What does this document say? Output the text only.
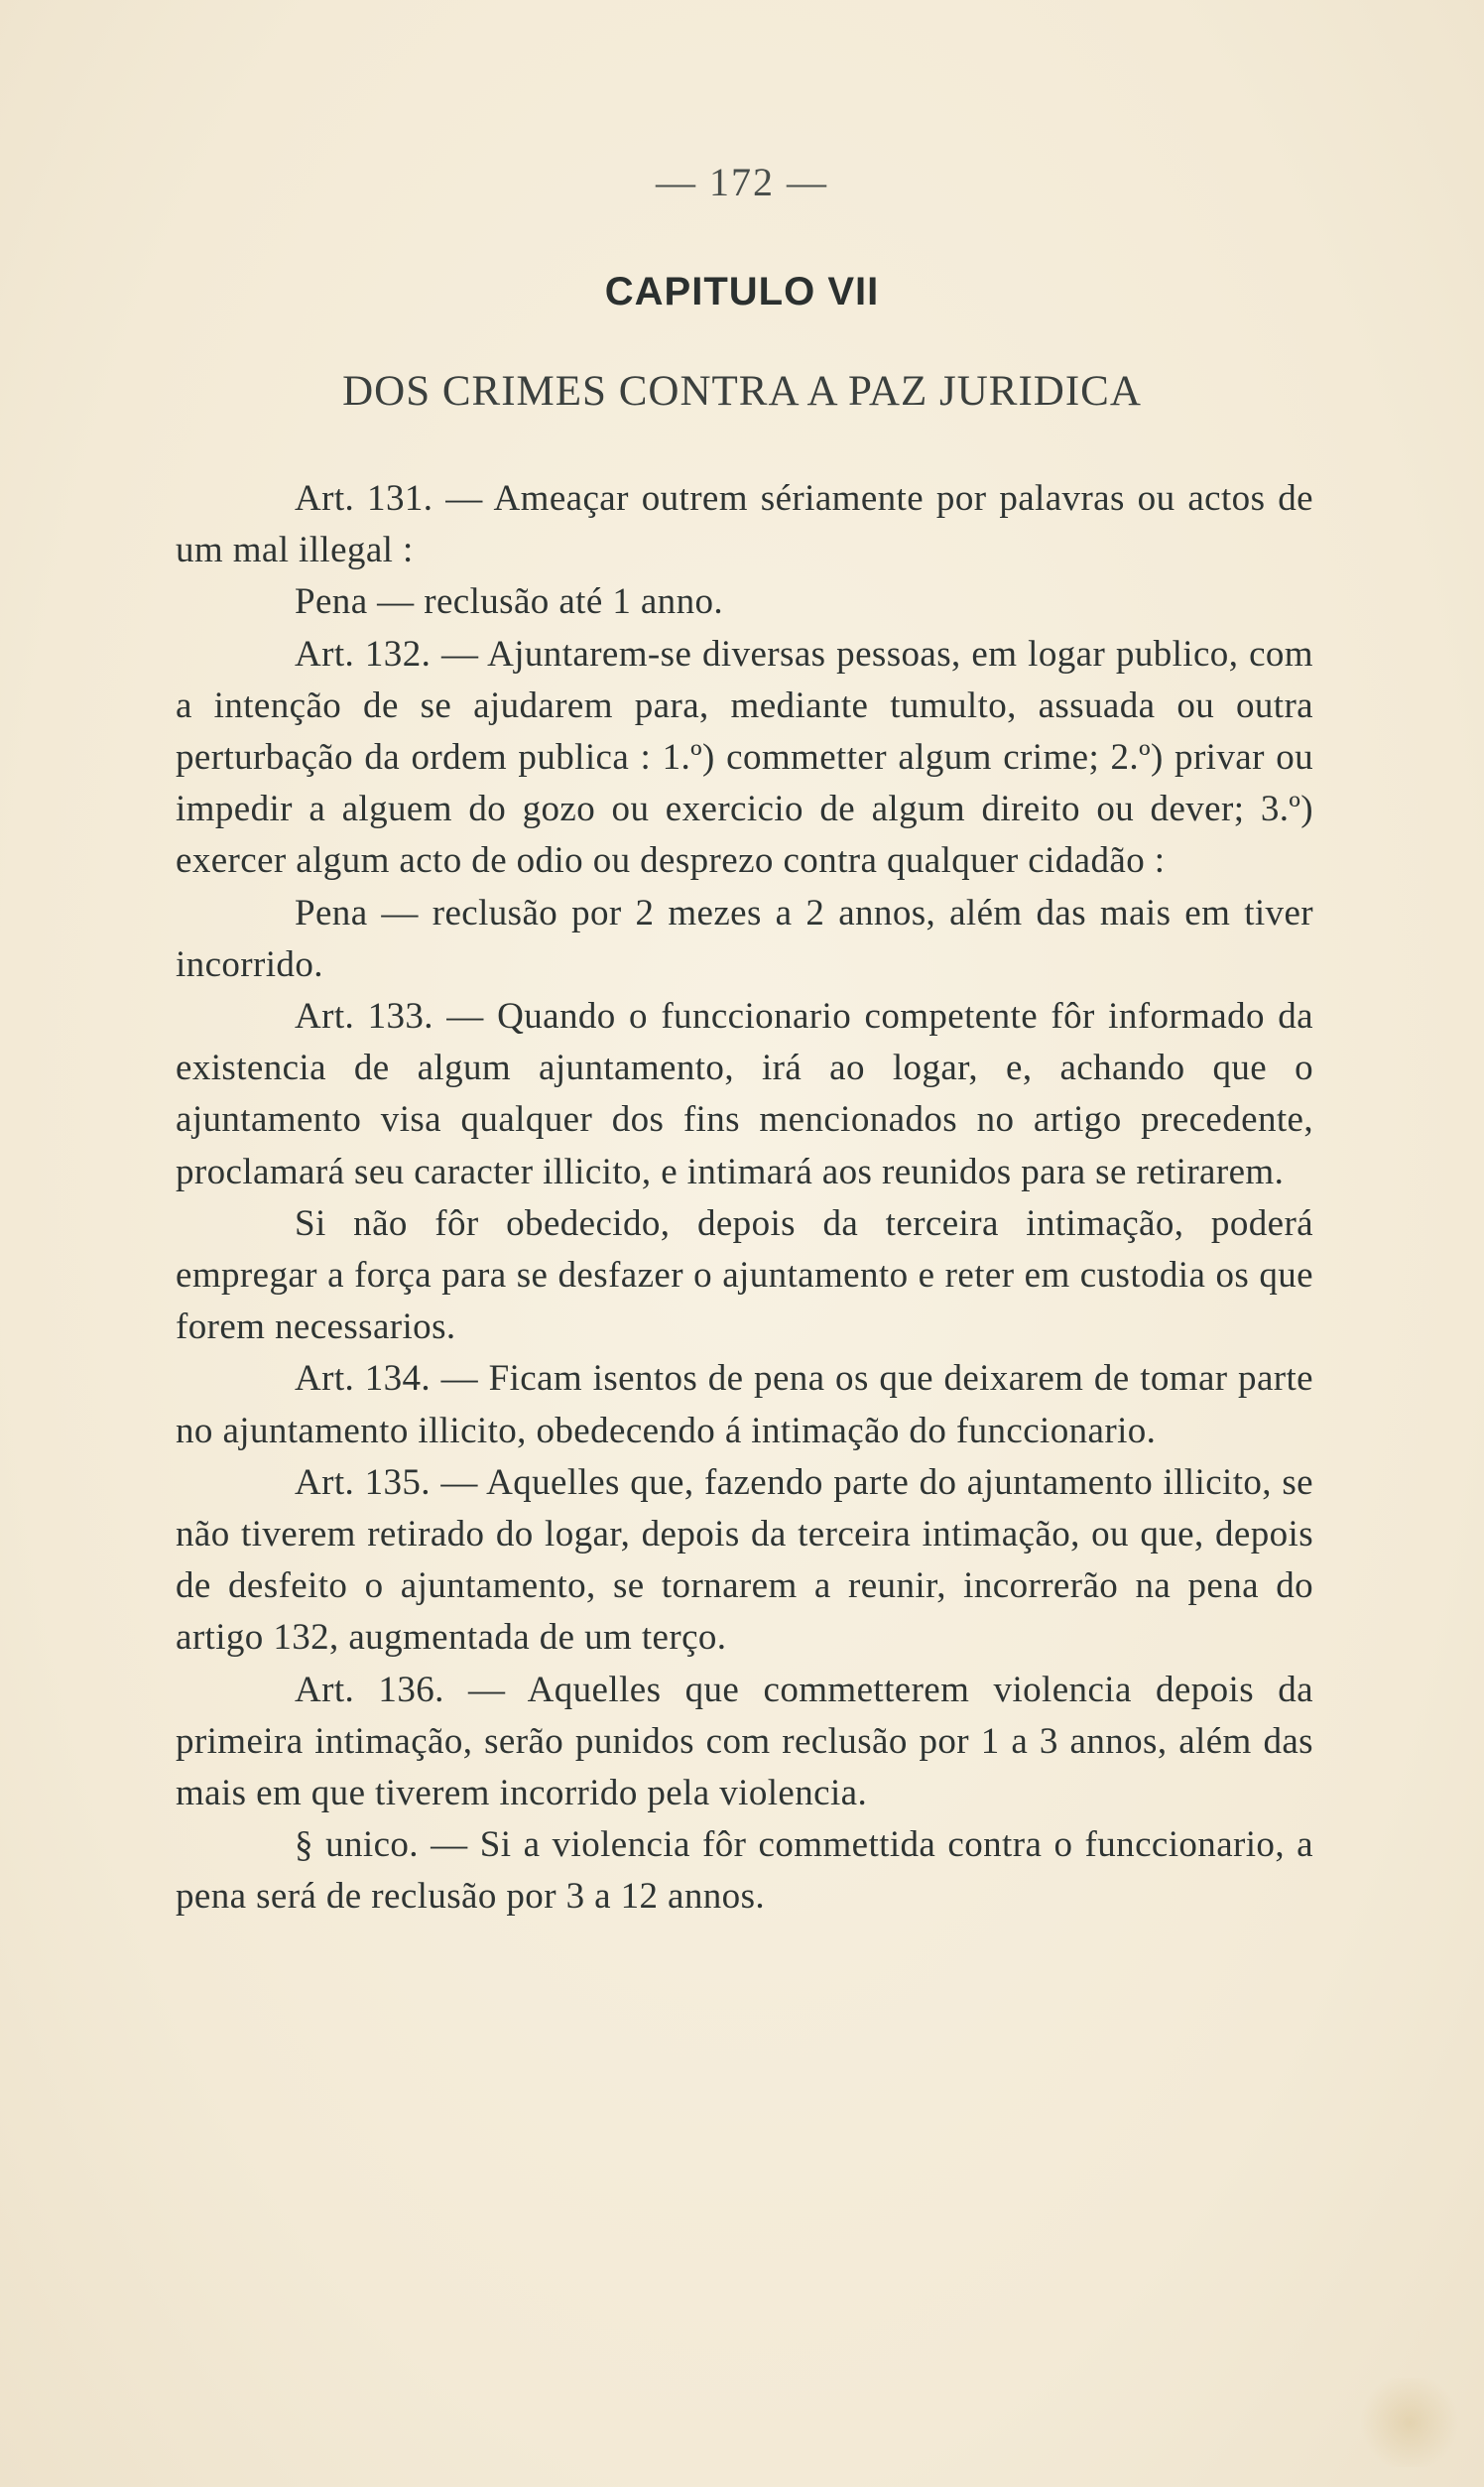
— 172 —
CAPITULO VII
DOS CRIMES CONTRA A PAZ JURIDICA

Art. 131. — Ameaçar outrem sériamente por palavras ou actos de um mal illegal :

Pena — reclusão até 1 anno.

Art. 132. — Ajuntarem-se diversas pessoas, em logar publico, com a intenção de se ajudarem para, mediante tumulto, assuada ou outra perturbação da ordem publica : 1.º) commetter algum crime; 2.º) privar ou impedir a alguem do gozo ou exercicio de algum direito ou dever; 3.º) exercer algum acto de odio ou desprezo contra qualquer cidadão :

Pena — reclusão por 2 mezes a 2 annos, além das mais em tiver incorrido.

Art. 133. — Quando o funccionario competente fôr informado da existencia de algum ajuntamento, irá ao logar, e, achando que o ajuntamento visa qualquer dos fins mencionados no artigo precedente, proclamará seu caracter illicito, e intimará aos reunidos para se retirarem.

Si não fôr obedecido, depois da terceira intimação, poderá empregar a força para se desfazer o ajuntamento e reter em custodia os que forem necessarios.

Art. 134. — Ficam isentos de pena os que deixarem de tomar parte no ajuntamento illicito, obedecendo á intimação do funccionario.

Art. 135. — Aquelles que, fazendo parte do ajuntamento illicito, se não tiverem retirado do logar, depois da terceira intimação, ou que, depois de desfeito o ajuntamento, se tornarem a reunir, incorrerão na pena do artigo 132, augmentada de um terço.

Art. 136. — Aquelles que commetterem violencia depois da primeira intimação, serão punidos com reclusão por 1 a 3 annos, além das mais em que tiverem incorrido pela violencia.

§ unico. — Si a violencia fôr commettida contra o funccionario, a pena será de reclusão por 3 a 12 annos.
